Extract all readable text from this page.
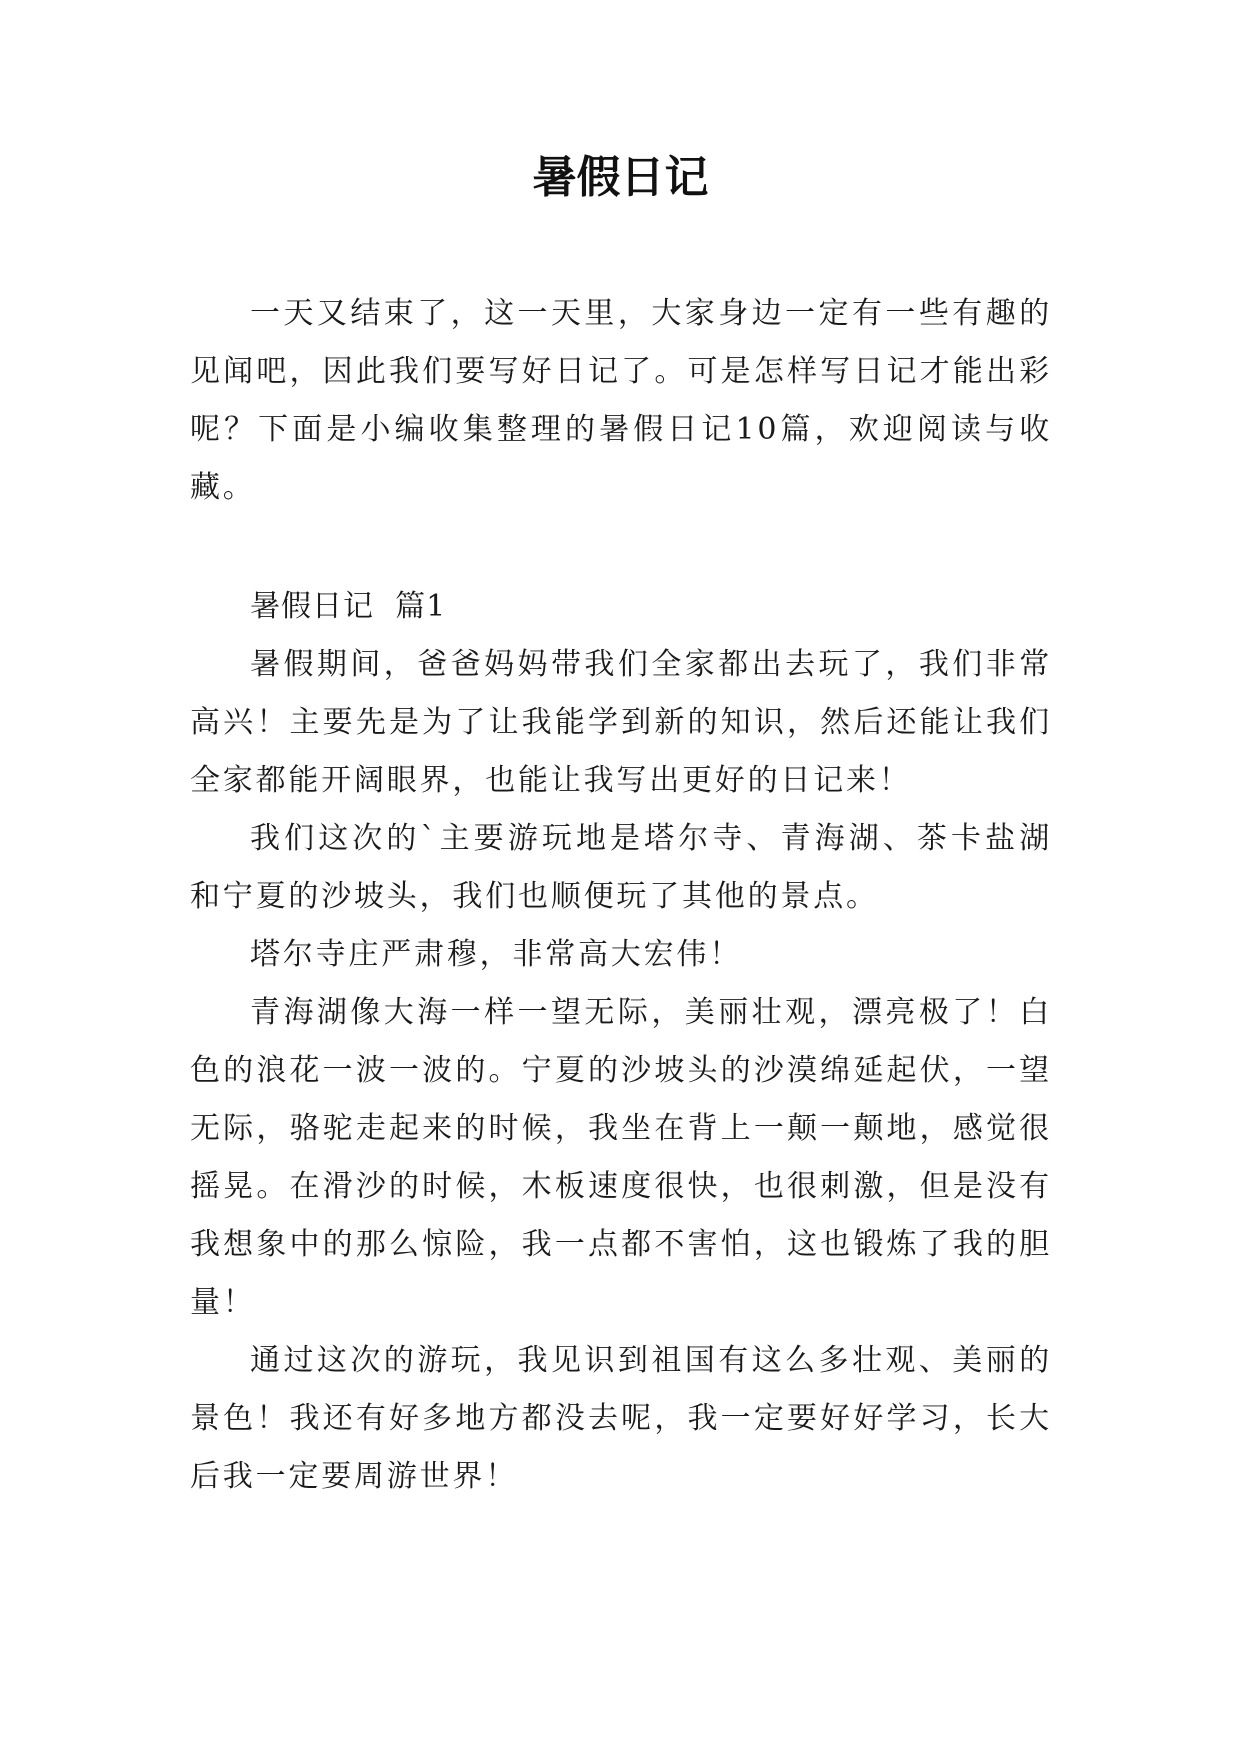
暑假日记

一天又结束了，这一天里，大家身边一定有一些有趣的见闻吧，因此我们要写好日记了。可是怎样写日记才能出彩呢？下面是小编收集整理的暑假日记10篇，欢迎阅读与收藏。

暑假日记  篇1

暑假期间，爸爸妈妈带我们全家都出去玩了，我们非常高兴！主要先是为了让我能学到新的知识，然后还能让我们全家都能开阔眼界，也能让我写出更好的日记来！

我们这次的`主要游玩地是塔尔寺、青海湖、茶卡盐湖和宁夏的沙坡头，我们也顺便玩了其他的景点。

塔尔寺庄严肃穆，非常高大宏伟！

青海湖像大海一样一望无际，美丽壮观，漂亮极了！白色的浪花一波一波的。宁夏的沙坡头的沙漠绵延起伏，一望无际，骆驼走起来的时候，我坐在背上一颠一颠地，感觉很摇晃。在滑沙的时候，木板速度很快，也很刺激，但是没有我想象中的那么惊险，我一点都不害怕，这也锻炼了我的胆量！

通过这次的游玩，我见识到祖国有这么多壮观、美丽的景色！我还有好多地方都没去呢，我一定要好好学习，长大后我一定要周游世界！
